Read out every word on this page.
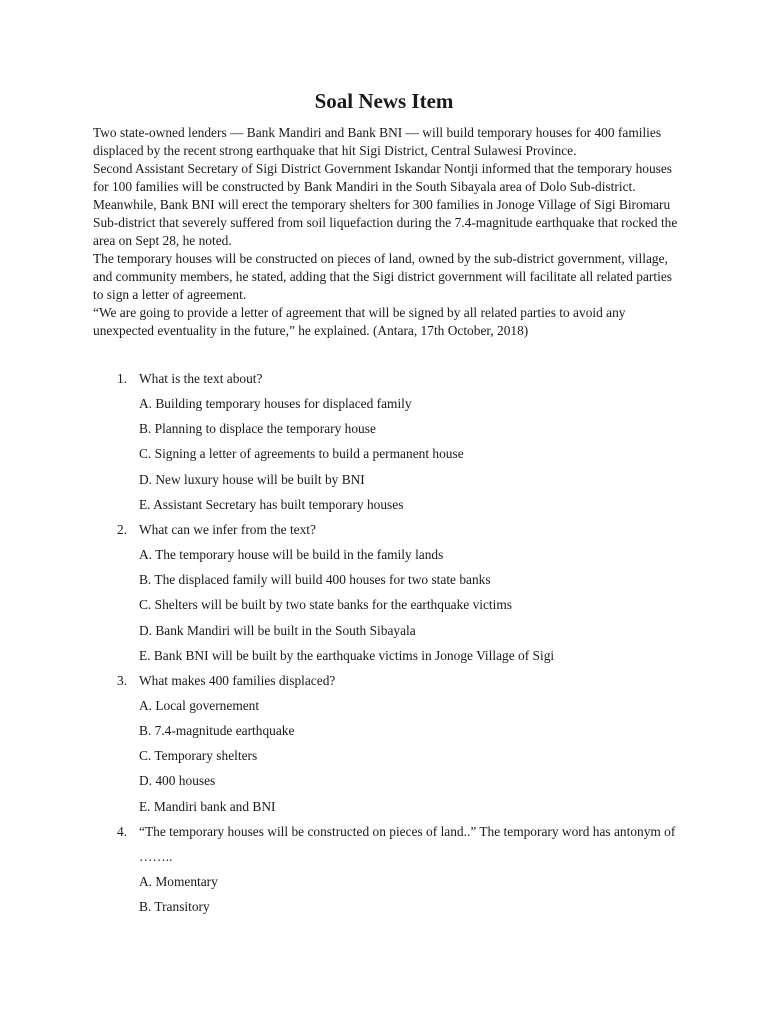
Soal News Item

Two state-owned lenders — Bank Mandiri and Bank BNI — will build temporary houses for 400 families displaced by the recent strong earthquake that hit Sigi District, Central Sulawesi Province.

Second Assistant Secretary of Sigi District Government Iskandar Nontji informed that the temporary houses for 100 families will be constructed by Bank Mandiri in the South Sibayala area of Dolo Sub-district. Meanwhile, Bank BNI will erect the temporary shelters for 300 families in Jonoge Village of Sigi Biromaru Sub-district that severely suffered from soil liquefaction during the 7.4-magnitude earthquake that rocked the area on Sept 28, he noted.

The temporary houses will be constructed on pieces of land, owned by the sub-district government, village, and community members, he stated, adding that the Sigi district government will facilitate all related parties to sign a letter of agreement.

“We are going to provide a letter of agreement that will be signed by all related parties to avoid any unexpected eventuality in the future,” he explained. (Antara, 17th October, 2018)

1. What is the text about?
A. Building temporary houses for displaced family
B. Planning to displace the temporary house
C. Signing a letter of agreements to build a permanent house
D. New luxury house will be built by BNI
E. Assistant Secretary has built temporary houses
2. What can we infer from the text?
A. The temporary house will be build in the family lands
B. The displaced family will build 400 houses for two state banks
C. Shelters will be built by two state banks for the earthquake victims
D. Bank Mandiri will be built in the South Sibayala
E. Bank BNI will be built by the earthquake victims in Jonoge Village of Sigi
3. What makes 400 families displaced?
A. Local governement
B. 7.4-magnitude earthquake
C. Temporary shelters
D. 400 houses
E. Mandiri bank and BNI
4. “The temporary houses will be constructed on pieces of land..” The temporary word has antonym of ……..
A. Momentary
B. Transitory
